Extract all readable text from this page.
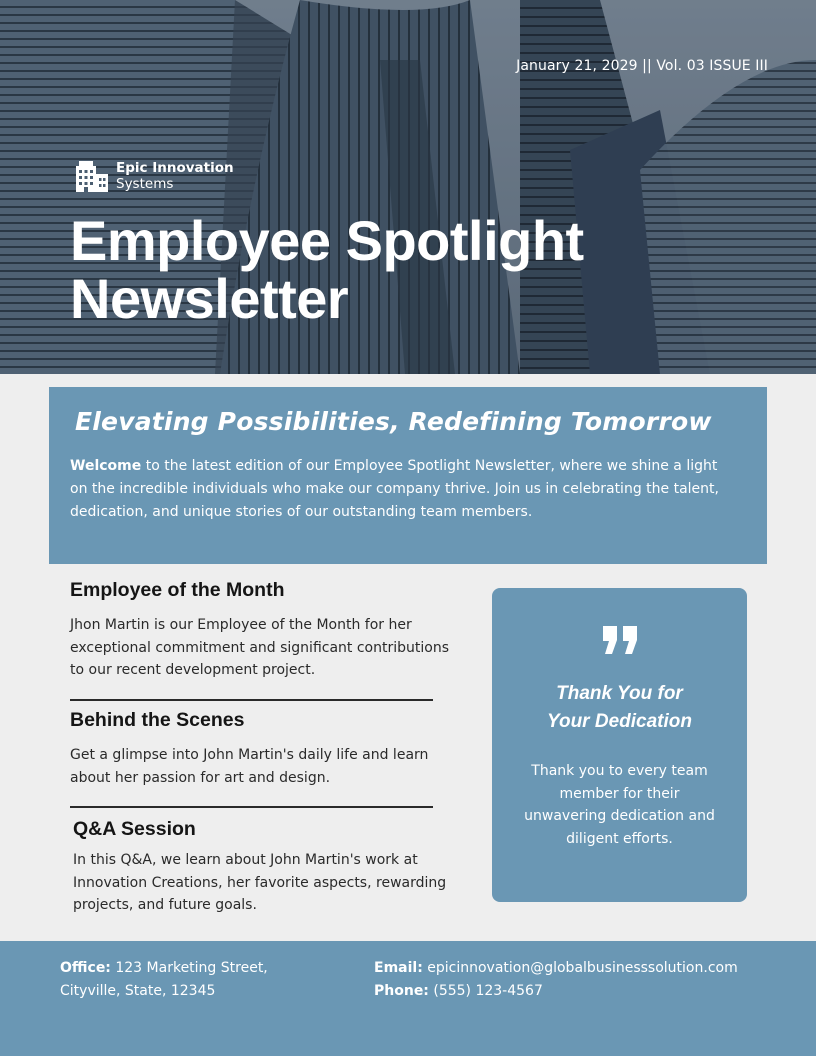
January 21, 2029 || Vol. 03 ISSUE III
Epic Innovation
Systems
Employee Spotlight
Newsletter
Elevating Possibilities, Redefining Tomorrow

Welcome to the latest edition of our Employee Spotlight Newsletter, where we shine a light on the incredible individuals who make our company thrive. Join us in celebrating the talent, dedication, and unique stories of our outstanding team members.

Employee of the Month

Jhon Martin is our Employee of the Month for her exceptional commitment and significant contributions to our recent development project.

Behind the Scenes

Get a glimpse into John Martin's daily life and learn about her passion for art and design.

Q&A Session

In this Q&A, we learn about John Martin's work at Innovation Creations, her favorite aspects, rewarding projects, and future goals.

Thank You for
Your Dedication

Thank you to every team member for their unwavering dedication and diligent efforts.

Office: 123 Marketing Street, Cityville, State, 12345
Email: epicinnovation@globalbusinesssolution.com
Phone: (555) 123-4567
